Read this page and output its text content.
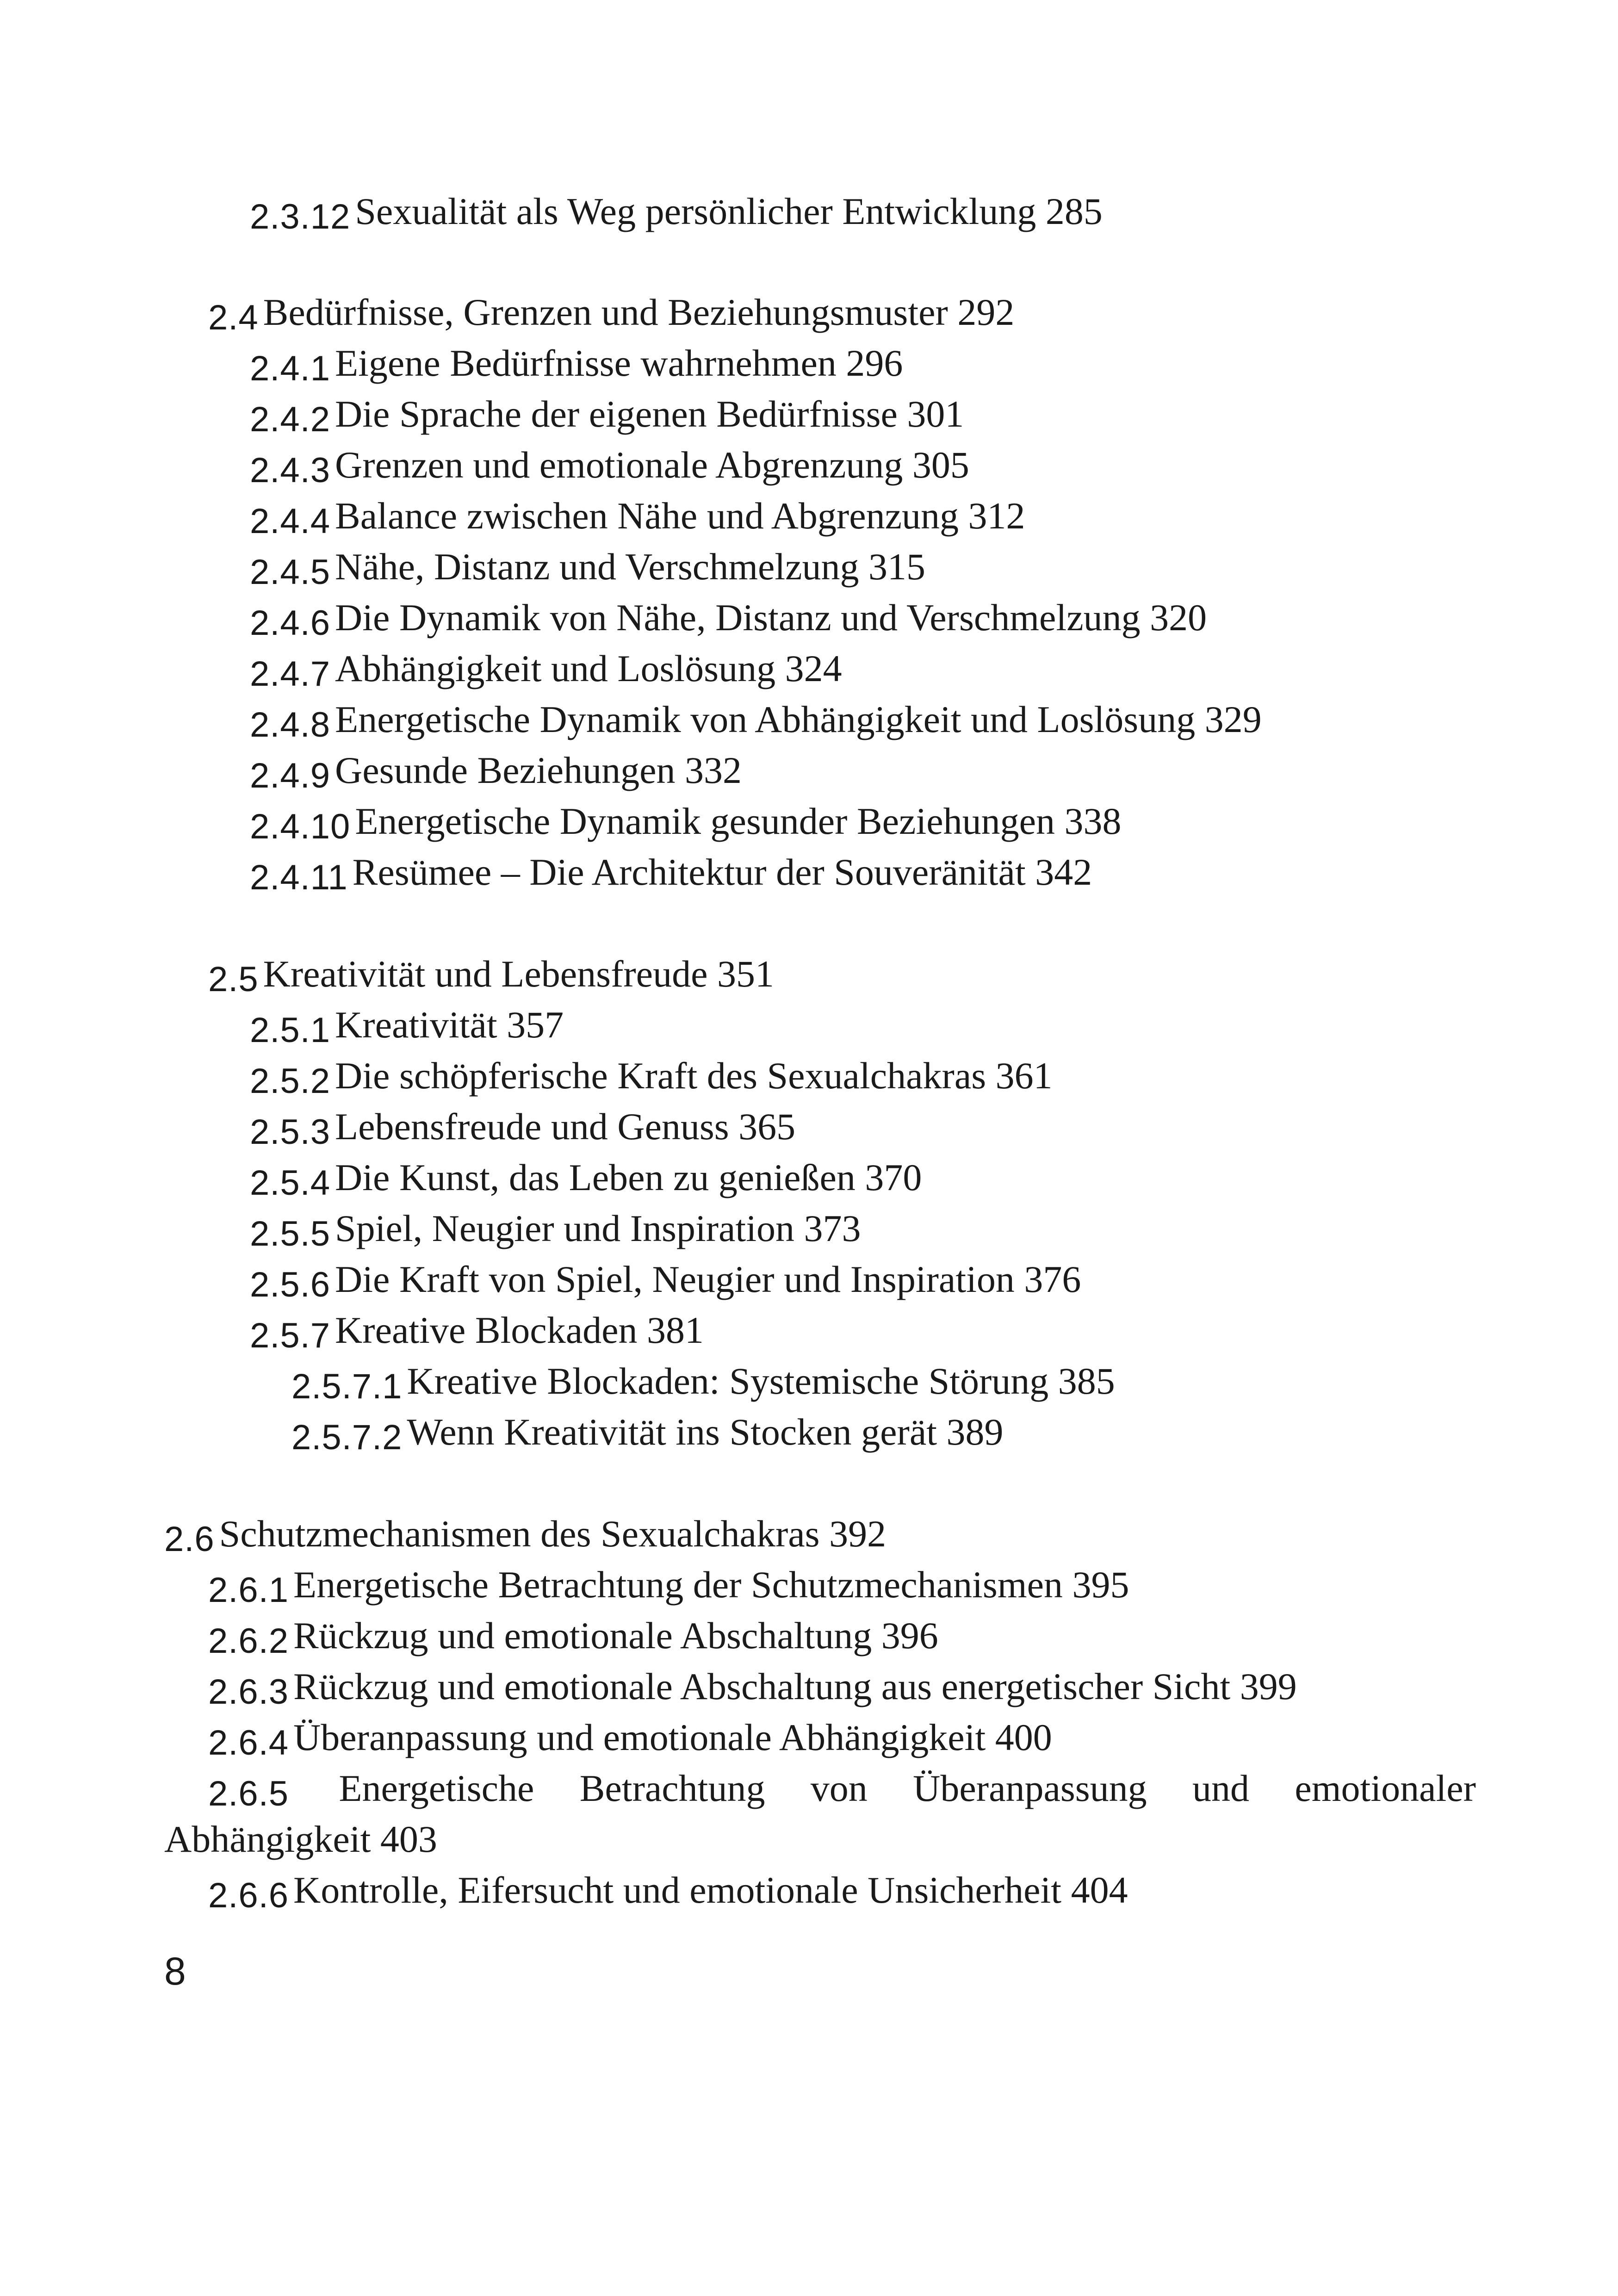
2.3.12 Sexualität als Weg persönlicher Entwicklung 285
2.4 Bedürfnisse, Grenzen und Beziehungsmuster 292
2.4.1 Eigene Bedürfnisse wahrnehmen 296
2.4.2 Die Sprache der eigenen Bedürfnisse 301
2.4.3 Grenzen und emotionale Abgrenzung 305
2.4.4 Balance zwischen Nähe und Abgrenzung 312
2.4.5 Nähe, Distanz und Verschmelzung 315
2.4.6 Die Dynamik von Nähe, Distanz und Verschmelzung 320
2.4.7 Abhängigkeit und Loslösung 324
2.4.8 Energetische Dynamik von Abhängigkeit und Loslösung 329
2.4.9 Gesunde Beziehungen 332
2.4.10 Energetische Dynamik gesunder Beziehungen 338
2.4.11 Resümee – Die Architektur der Souveränität 342
2.5 Kreativität und Lebensfreude 351
2.5.1 Kreativität 357
2.5.2 Die schöpferische Kraft des Sexualchakras 361
2.5.3 Lebensfreude und Genuss 365
2.5.4 Die Kunst, das Leben zu genießen 370
2.5.5 Spiel, Neugier und Inspiration 373
2.5.6 Die Kraft von Spiel, Neugier und Inspiration 376
2.5.7 Kreative Blockaden 381
2.5.7.1 Kreative Blockaden: Systemische Störung 385
2.5.7.2 Wenn Kreativität ins Stocken gerät 389
2.6 Schutzmechanismen des Sexualchakras 392
2.6.1 Energetische Betrachtung der Schutzmechanismen 395
2.6.2 Rückzug und emotionale Abschaltung 396
2.6.3 Rückzug und emotionale Abschaltung aus energetischer Sicht 399
2.6.4 Überanpassung und emotionale Abhängigkeit 400
2.6.5 Energetische Betrachtung von Überanpassung und emotionaler
Abhängigkeit 403
2.6.6 Kontrolle, Eifersucht und emotionale Unsicherheit 404
8
